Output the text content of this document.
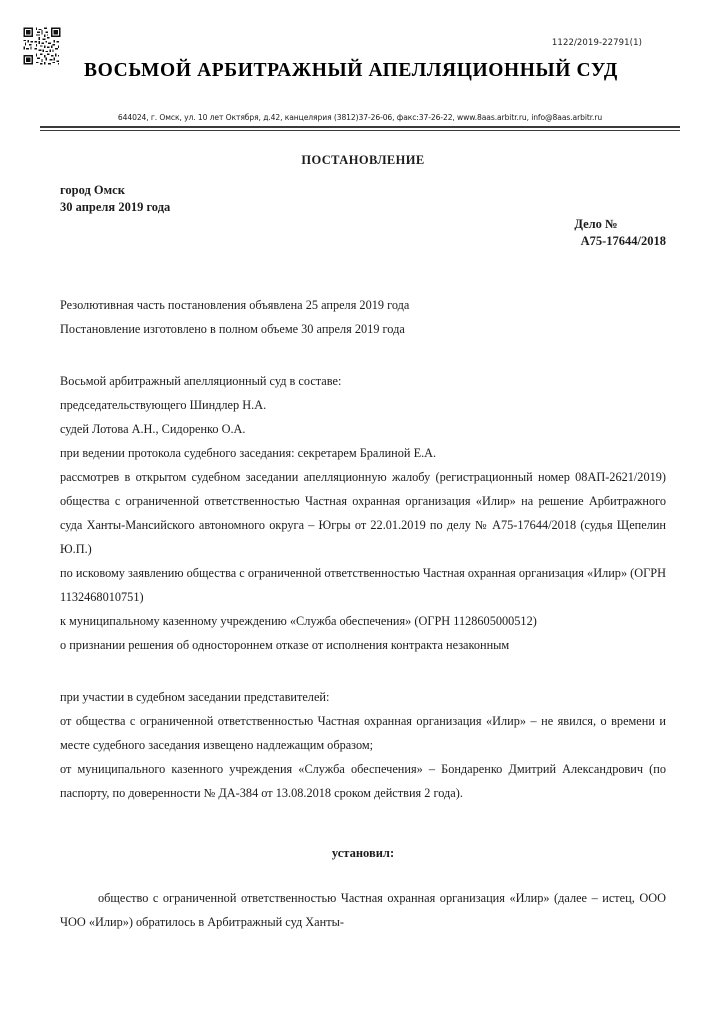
1122/2019-22791(1)
ВОСЬМОЙ АРБИТРАЖНЫЙ АПЕЛЛЯЦИОННЫЙ СУД
644024, г. Омск, ул. 10 лет Октября, д.42, канцелярия (3812)37-26-06, факс:37-26-22, www.8aas.arbitr.ru, info@8aas.arbitr.ru
ПОСТАНОВЛЕНИЕ
город Омск
30 апреля 2019 года

Дело №
А75-17644/2018

Резолютивная часть постановления объявлена 25 апреля 2019 года

Постановление изготовлено в полном объеме 30 апреля 2019 года

Восьмой арбитражный апелляционный суд в составе:

председательствующего Шиндлер Н.А.

судей Лотова А.Н., Сидоренко О.А.

при ведении протокола судебного заседания: секретарем Бралиной Е.А.

рассмотрев в открытом судебном заседании апелляционную жалобу (регистрационный номер 08АП-2621/2019) общества с ограниченной ответственностью Частная охранная организация «Илир» на решение Арбитражного суда Ханты-Мансийского автономного округа – Югры от 22.01.2019 по делу № А75-17644/2018 (судья Щепелин Ю.П.)

по исковому заявлению общества с ограниченной ответственностью Частная охранная организация «Илир» (ОГРН 1132468010751)

к муниципальному казенному учреждению «Служба обеспечения» (ОГРН 1128605000512)

о признании решения об одностороннем отказе от исполнения контракта незаконным

при участии в судебном заседании представителей:

от общества с ограниченной ответственностью Частная охранная организация «Илир» – не явился, о времени и месте судебного заседания извещено надлежащим образом;

от муниципального казенного учреждения «Служба обеспечения» – Бондаренко Дмитрий Александрович (по паспорту, по доверенности № ДА-384 от 13.08.2018 сроком действия 2 года).

установил:

общество с ограниченной ответственностью Частная охранная организация «Илир» (далее – истец, ООО ЧОО «Илир») обратилось в Арбитражный суд Ханты-
